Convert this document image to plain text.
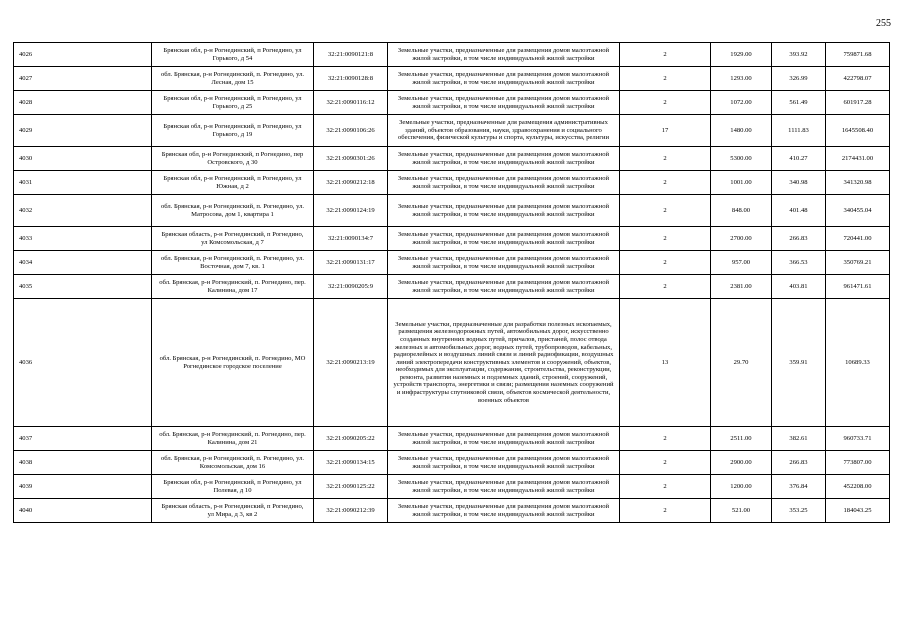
255
4026	Брянская обл, р-н Рогнединский, п Рогнедино, ул Горького, д 54	32:21:0090121:8	Земельные участки, предназначенные для размещения домов малоэтажной жилой застройки, в том числе индивидуальной жилой застройки	2	1929.00	393.92	759871.68
4027	обл. Брянская, р-н Рогнединский, п. Рогнедино, ул. Лесная, дом 15	32:21:0090128:8	Земельные участки, предназначенные для размещения домов малоэтажной жилой застройки, в том числе индивидуальной жилой застройки	2	1293.00	326.99	422798.07
4028	Брянская обл, р-н Рогнединский, п Рогнедино, ул Горького, д 25	32:21:0090116:12	Земельные участки, предназначенные для размещения домов малоэтажной жилой застройки, в том числе индивидуальной жилой застройки	2	1072.00	561.49	601917.28
4029	Брянская обл, р-н Рогнединский, п Рогнедино, ул Горького, д 19	32:21:0090106:26	Земельные участки, предназначенные для размещения административных зданий, объектов образования, науки, здравоохранения и социального обеспечения, физической культуры и спорта, культуры, искусства, религии	17	1480.00	1111.83	1645508.40
4030	Брянская обл, р-н Рогнединский, п Рогнедино, пер Островского, д 30	32:21:0090301:26	Земельные участки, предназначенные для размещения домов малоэтажной жилой застройки, в том числе индивидуальной жилой застройки	2	5300.00	410.27	2174431.00
4031	Брянская обл, р-н Рогнединский, п Рогнедино, ул Южная, д 2	32:21:0090212:18	Земельные участки, предназначенные для размещения домов малоэтажной жилой застройки, в том числе индивидуальной жилой застройки	2	1001.00	340.98	341320.98
4032	обл. Брянская, р-н Рогнединский, п. Рогнедино, ул. Матросова, дом 1, квартира 1	32:21:0090124:19	Земельные участки, предназначенные для размещения домов малоэтажной жилой застройки, в том числе индивидуальной жилой застройки	2	848.00	401.48	340455.04
4033	Брянская область, р-н Рогнединский, п Рогнедино, ул Комсомольская, д 7	32:21:0090134:7	Земельные участки, предназначенные для размещения домов малоэтажной жилой застройки, в том числе индивидуальной жилой застройки	2	2700.00	266.83	720441.00
4034	обл. Брянская, р-н Рогнединский, п. Рогнедино, ул. Восточная, дом 7, кв. 1	32:21:0090131:17	Земельные участки, предназначенные для размещения домов малоэтажной жилой застройки, в том числе индивидуальной жилой застройки	2	957.00	366.53	350769.21
4035	обл. Брянская, р-н Рогнединский, п. Рогнедино, пер. Калинина, дом 17	32:21:0090205:9	Земельные участки, предназначенные для размещения домов малоэтажной жилой застройки, в том числе индивидуальной жилой застройки	2	2381.00	403.81	961471.61
4036	обл. Брянская, р-н Рогнединский, п. Рогнедино, МО Рогнединское городское поселение	32:21:0090213:19	Земельные участки, предназначенные для разработки полезных ископаемых, размещения железнодорожных путей, автомобильных дорог, искусственно созданных внутренних водных путей, причалов, пристаней, полос отвода железных и автомобильных дорог, водных путей, трубопроводов, кабельных, радиорелейных и воздушных линий связи и линий радиофикации, воздушных линий электропередачи конструктивных элементов и сооружений, объектов, необходимых для эксплуатации, содержания, строительства, реконструкции, ремонта, развития наземных и подземных зданий, строений, сооружений, устройств транспорта, энергетики и связи; размещения наземных сооружений и инфраструктуры спутниковой связи, объектов космической деятельности, военных объектов	13	29.70	359.91	10689.33
4037	обл. Брянская, р-н Рогнединский, п. Рогнедино, пер. Калинина, дом 21	32:21:0090205:22	Земельные участки, предназначенные для размещения домов малоэтажной жилой застройки, в том числе индивидуальной жилой застройки	2	2511.00	382.61	960733.71
4038	обл. Брянская, р-н Рогнединский, п. Рогнедино, ул. Комсомольская, дом 16	32:21:0090134:15	Земельные участки, предназначенные для размещения домов малоэтажной жилой застройки, в том числе индивидуальной жилой застройки	2	2900.00	266.83	773807.00
4039	Брянская обл, р-н Рогнединский, п Рогнедино, ул Полевая, д 10	32:21:0090125:22	Земельные участки, предназначенные для размещения домов малоэтажной жилой застройки, в том числе индивидуальной жилой застройки	2	1200.00	376.84	452208.00
4040	Брянская область, р-н Рогнединский, п Рогнедино, ул Мира, д 3, кв 2	32:21:0090212:39	Земельные участки, предназначенные для размещения домов малоэтажной жилой застройки, в том числе индивидуальной жилой застройки	2	521.00	353.25	184043.25
